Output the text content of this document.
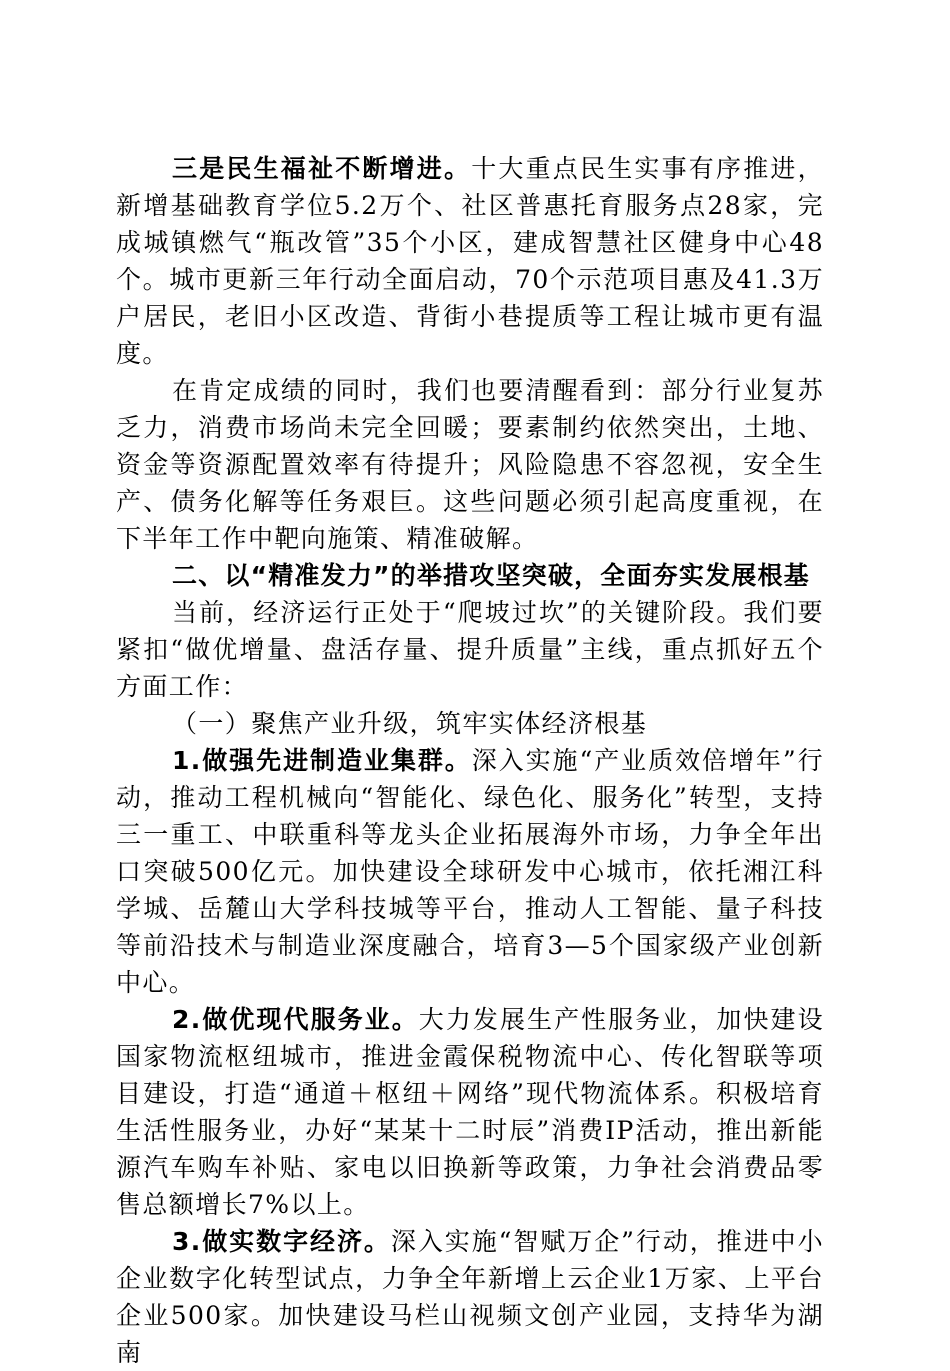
三是民生福祉不断增进。十大重点民生实事有序推进，新增基础教育学位5.2万个、社区普惠托育服务点28家，完成城镇燃气“瓶改管”35个小区，建成智慧社区健身中心48个。城市更新三年行动全面启动，70个示范项目惠及41.3万户居民，老旧小区改造、背街小巷提质等工程让城市更有温度。

在肯定成绩的同时，我们也要清醒看到：部分行业复苏乏力，消费市场尚未完全回暖；要素制约依然突出，土地、资金等资源配置效率有待提升；风险隐患不容忽视，安全生产、债务化解等任务艰巨。这些问题必须引起高度重视，在下半年工作中靶向施策、精准破解。

二、以“精准发力”的举措攻坚突破，全面夯实发展根基

当前，经济运行正处于“爬坡过坎”的关键阶段。我们要紧扣“做优增量、盘活存量、提升质量”主线，重点抓好五个方面工作：

（一）聚焦产业升级，筑牢实体经济根基

1.做强先进制造业集群。深入实施“产业质效倍增年”行动，推动工程机械向“智能化、绿色化、服务化”转型，支持三一重工、中联重科等龙头企业拓展海外市场，力争全年出口突破500亿元。加快建设全球研发中心城市，依托湘江科学城、岳麓山大学科技城等平台，推动人工智能、量子科技等前沿技术与制造业深度融合，培育3—5个国家级产业创新中心。

2.做优现代服务业。大力发展生产性服务业，加快建设国家物流枢纽城市，推进金霞保税物流中心、传化智联等项目建设，打造“通道＋枢纽＋网络”现代物流体系。积极培育生活性服务业，办好“某某十二时辰”消费IP活动，推出新能源汽车购车补贴、家电以旧换新等政策，力争社会消费品零售总额增长7%以上。

3.做实数字经济。深入实施“智赋万企”行动，推进中小企业数字化转型试点，力争全年新增上云企业1万家、上平台企业500家。加快建设马栏山视频文创产业园，支持华为湖南
